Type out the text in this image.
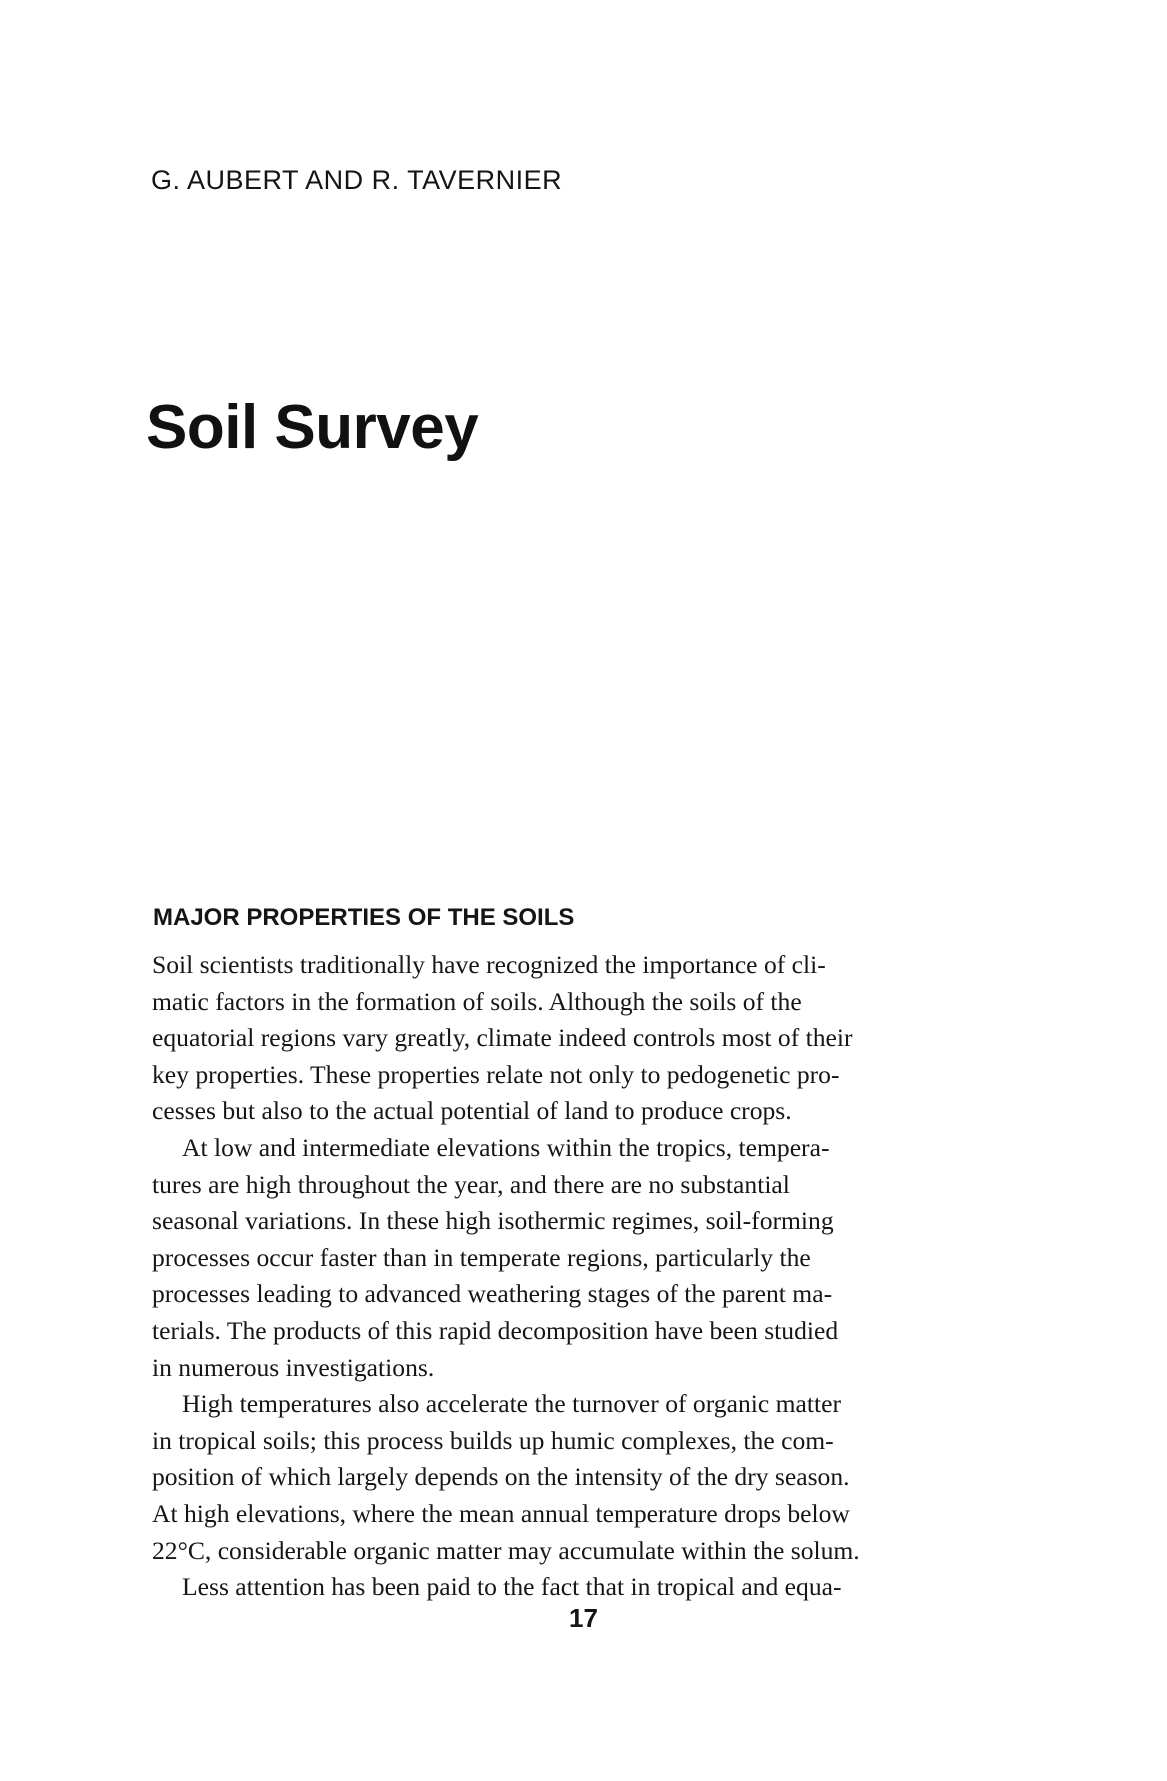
G. AUBERT AND R. TAVERNIER

Soil Survey
MAJOR PROPERTIES OF THE SOILS
Soil scientists traditionally have recognized the importance of cli-
matic factors in the formation of soils. Although the soils of the
equatorial regions vary greatly, climate indeed controls most of their
key properties. These properties relate not only to pedogenetic pro-
cesses but also to the actual potential of land to produce crops.
At low and intermediate elevations within the tropics, tempera-
tures are high throughout the year, and there are no substantial
seasonal variations. In these high isothermic regimes, soil-forming
processes occur faster than in temperate regions, particularly the
processes leading to advanced weathering stages of the parent ma-
terials. The products of this rapid decomposition have been studied
in numerous investigations.
High temperatures also accelerate the turnover of organic matter
in tropical soils; this process builds up humic complexes, the com-
position of which largely depends on the intensity of the dry season.
At high elevations, where the mean annual temperature drops below
22°C, considerable organic matter may accumulate within the solum.
Less attention has been paid to the fact that in tropical and equa-

17
